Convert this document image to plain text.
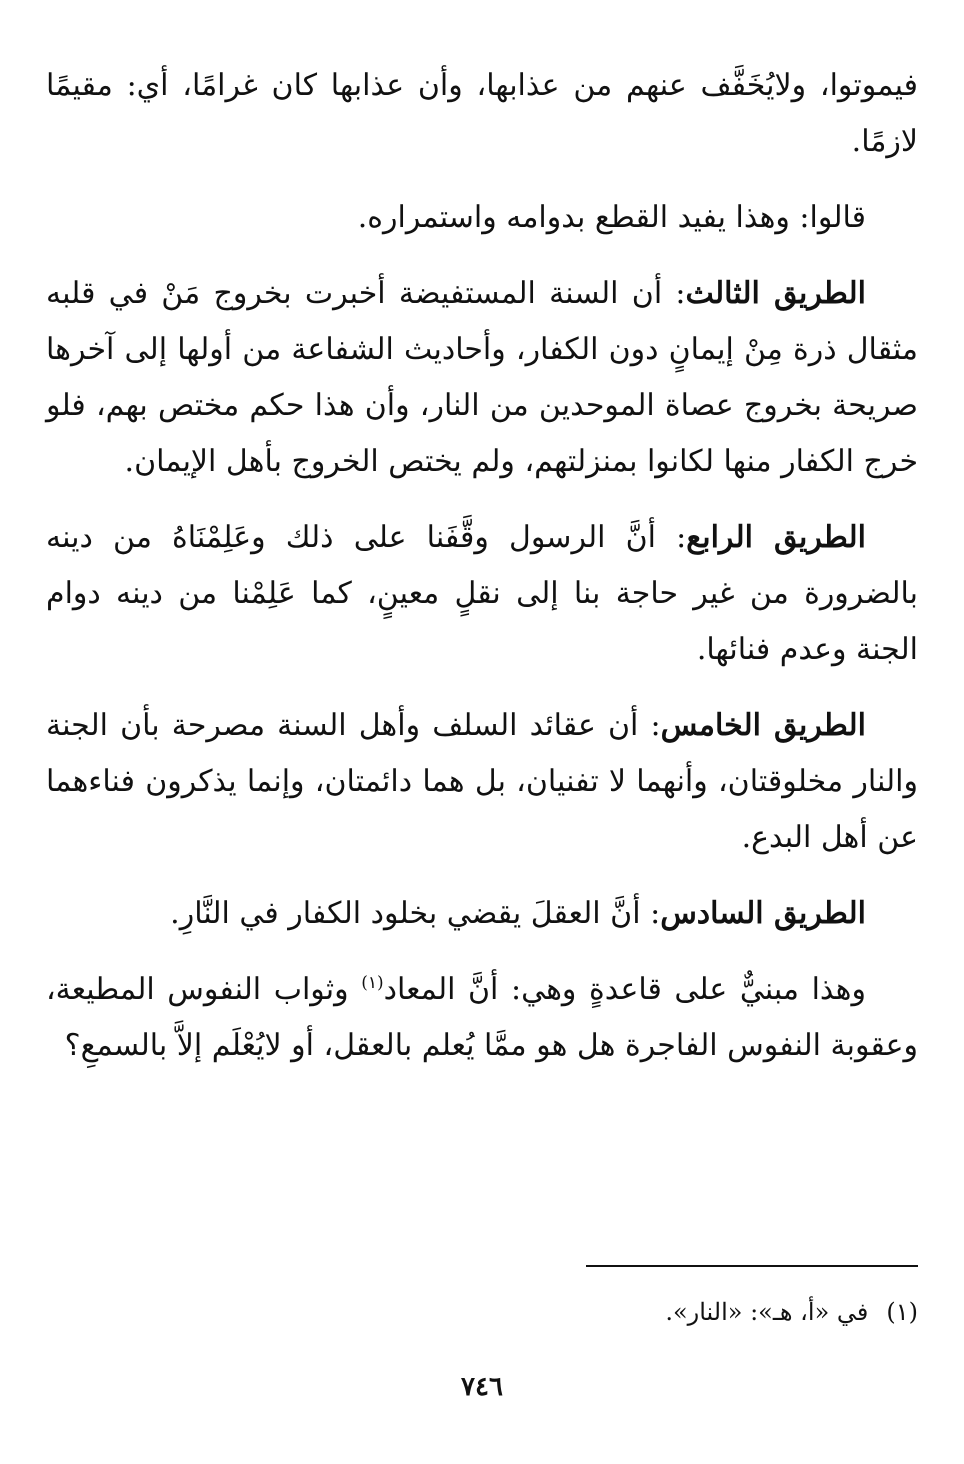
فيموتوا، ولايُخَفَّف عنهم من عذابها، وأن عذابها كان غرامًا، أي: مقيمًا لازمًا.

قالوا: وهذا يفيد القطع بدوامه واستمراره.

الطريق الثالث: أن السنة المستفيضة أخبرت بخروج مَنْ في قلبه مثقال ذرة مِنْ إيمانٍ دون الكفار، وأحاديث الشفاعة من أولها إلى آخرها صريحة بخروج عصاة الموحدين من النار، وأن هذا حكم مختص بهم، فلو خرج الكفار منها لكانوا بمنزلتهم، ولم يختص الخروج بأهل الإيمان.

الطريق الرابع: أنَّ الرسول وقَّفَنا على ذلك وعَلِمْنَاهُ من دينه بالضرورة من غير حاجة بنا إلى نقلٍ معينٍ، كما عَلِمْنا من دينه دوام الجنة وعدم فنائها.

الطريق الخامس: أن عقائد السلف وأهل السنة مصرحة بأن الجنة والنار مخلوقتان، وأنهما لا تفنيان، بل هما دائمتان، وإنما يذكرون فناءهما عن أهل البدع.

الطريق السادس: أنَّ العقلَ يقضي بخلود الكفار في النَّارِ.

وهذا مبنيٌّ على قاعدةٍ وهي: أنَّ المعاد$^{(١)}$ وثواب النفوس المطيعة، وعقوبة النفوس الفاجرة هل هو ممَّا يُعلم بالعقل، أو لايُعْلَم إلاَّ بالسمعِ؟

(١)في «أ، هـ»: «النار».
٧٤٦
